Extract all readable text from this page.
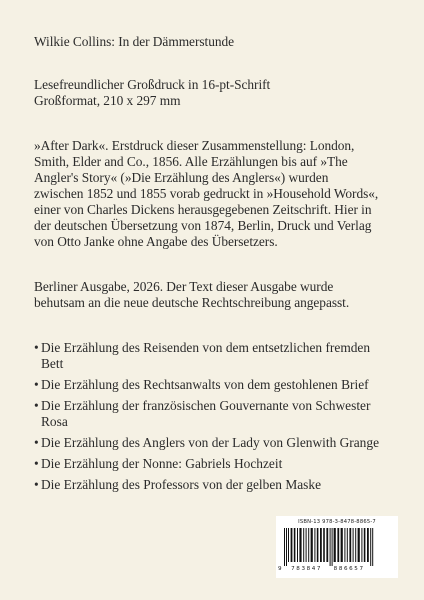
Wilkie Collins: In der Dämmerstunde
Lesefreundlicher Großdruck in 16-pt-Schrift
Großformat, 210 x 297 mm
»After Dark«. Erstdruck dieser Zusammenstellung: London,
Smith, Elder and Co., 1856. Alle Erzählungen bis auf »The
Angler's Story« (»Die Erzählung des Anglers«) wurden
zwischen 1852 und 1855 vorab gedruckt in »Household Words«,
einer von Charles Dickens herausgegebenen Zeitschrift. Hier in
der deutschen Übersetzung von 1874, Berlin, Druck und Verlag
von Otto Janke ohne Angabe des Übersetzers.
Berliner Ausgabe, 2026. Der Text dieser Ausgabe wurde
behutsam an die neue deutsche Rechtschreibung angepasst.
• Die Erzählung des Reisenden von dem entsetzlichen fremden
Bett
• Die Erzählung des Rechtsanwalts von dem gestohlenen Brief
• Die Erzählung der französischen Gouvernante von Schwester
Rosa
• Die Erzählung des Anglers von der Lady von Glenwith Grange
• Die Erzählung der Nonne: Gabriels Hochzeit
• Die Erzählung des Professors von der gelben Maske
ISBN-13 978-3-8478-8865-7
9 783847 886657
